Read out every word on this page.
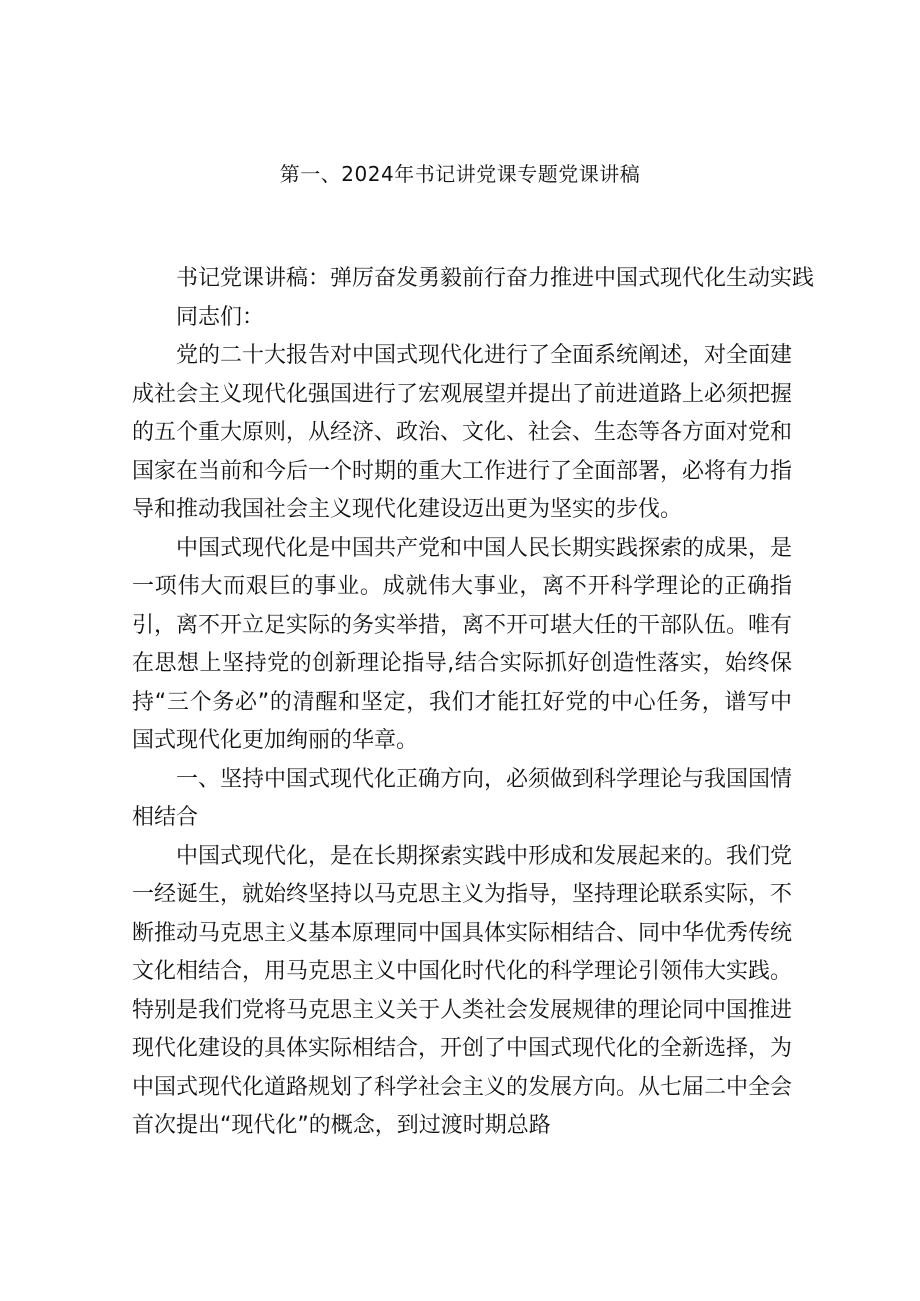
第一、2024年书记讲党课专题党课讲稿

书记党课讲稿：弹厉奋发勇毅前行奋力推进中国式现代化生动实践

同志们：

党的二十大报告对中国式现代化进行了全面系统阐述，对全面建成社会主义现代化强国进行了宏观展望并提出了前进道路上必须把握的五个重大原则，从经济、政治、文化、社会、生态等各方面对党和国家在当前和今后一个时期的重大工作进行了全面部署，必将有力指导和推动我国社会主义现代化建设迈出更为坚实的步伐。

中国式现代化是中国共产党和中国人民长期实践探索的成果，是一项伟大而艰巨的事业。成就伟大事业，离不开科学理论的正确指引，离不开立足实际的务实举措，离不开可堪大任的干部队伍。唯有在思想上坚持党的创新理论指导,结合实际抓好创造性落实，始终保持“三个务必”的清醒和坚定，我们才能扛好党的中心任务，谱写中国式现代化更加绚丽的华章。

一、坚持中国式现代化正确方向，必须做到科学理论与我国国情相结合

中国式现代化，是在长期探索实践中形成和发展起来的。我们党一经诞生，就始终坚持以马克思主义为指导，坚持理论联系实际，不断推动马克思主义基本原理同中国具体实际相结合、同中华优秀传统文化相结合，用马克思主义中国化时代化的科学理论引领伟大实践。特别是我们党将马克思主义关于人类社会发展规律的理论同中国推进现代化建设的具体实际相结合，开创了中国式现代化的全新选择，为中国式现代化道路规划了科学社会主义的发展方向。从七届二中全会首次提出“现代化”的概念，到过渡时期总路
